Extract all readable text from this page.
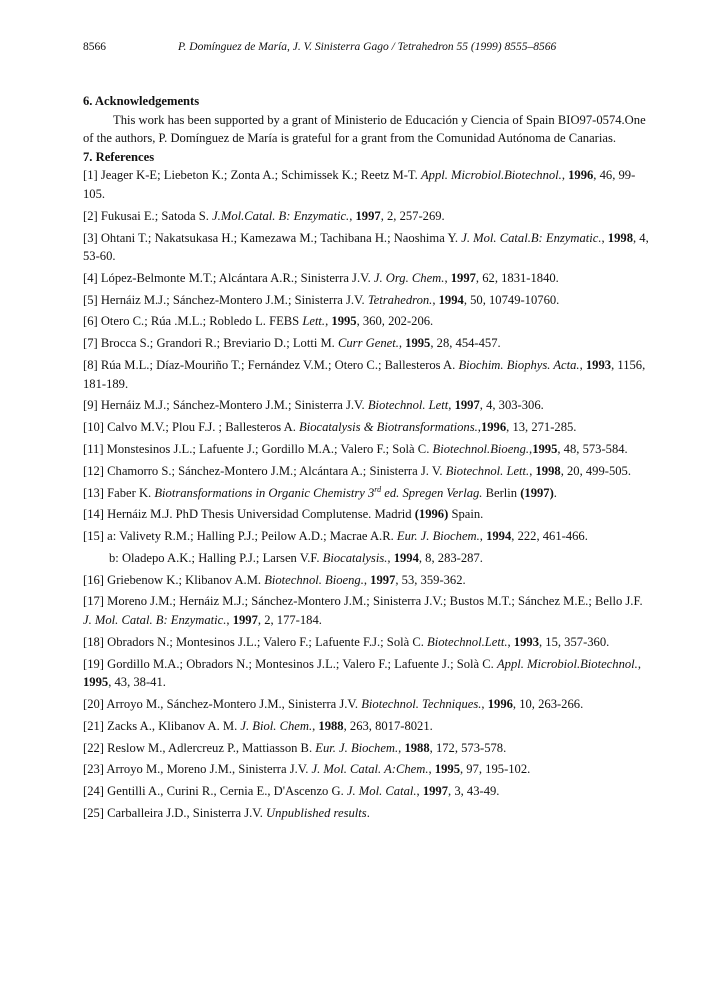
8566	P. Domínguez de María, J. V. Sinisterra Gago / Tetrahedron 55 (1999) 8555–8566
6. Acknowledgements
This work has been supported by a grant of Ministerio de Educación y Ciencia of Spain BIO97-0574.One
of the authors, P. Domínguez de María is grateful for a grant from the Comunidad Autónoma de Canarias.
7. References
[1] Jeager K-E; Liebeton K.; Zonta A.; Schimissek K.; Reetz M-T. Appl. Microbiol.Biotechnol., 1996, 46, 99-105.
[2] Fukusai E.; Satoda S. J.Mol.Catal. B: Enzymatic., 1997, 2, 257-269.
[3] Ohtani T.; Nakatsukasa H.; Kamezawa M.; Tachibana H.; Naoshima Y. J. Mol. Catal.B: Enzymatic., 1998, 4, 53-60.
[4] López-Belmonte M.T.; Alcántara A.R.; Sinisterra J.V. J. Org. Chem., 1997, 62, 1831-1840.
[5] Hernáiz M.J.; Sánchez-Montero J.M.; Sinisterra J.V. Tetrahedron., 1994, 50, 10749-10760.
[6] Otero C.; Rúa .M.L.; Robledo L. FEBS Lett., 1995, 360, 202-206.
[7] Brocca S.; Grandori R.; Breviario D.; Lotti M. Curr Genet., 1995, 28, 454-457.
[8] Rúa M.L.; Díaz-Mouriño T.; Fernández V.M.; Otero C.; Ballesteros A. Biochim. Biophys. Acta., 1993, 1156, 181-189.
[9] Hernáiz M.J.; Sánchez-Montero J.M.; Sinisterra J.V. Biotechnol. Lett, 1997, 4, 303-306.
[10] Calvo M.V.; Plou F.J. ; Ballesteros A. Biocatalysis & Biotransformations.,1996, 13, 271-285.
[11] Monstesinos J.L.; Lafuente J.; Gordillo M.A.; Valero F.; Solà C. Biotechnol.Bioeng.,1995, 48, 573-584.
[12] Chamorro S.; Sánchez-Montero J.M.; Alcántara A.; Sinisterra J. V. Biotechnol. Lett., 1998, 20, 499-505.
[13] Faber K. Biotransformations in Organic Chemistry 3rd ed. Spregen Verlag. Berlin (1997).
[14] Hernáiz M.J. PhD Thesis Universidad Complutense. Madrid (1996) Spain.
[15] a: Valivety R.M.; Halling P.J.; Peilow A.D.; Macrae A.R. Eur. J. Biochem., 1994, 222, 461-466.
b: Oladepo A.K.; Halling P.J.; Larsen V.F. Biocatalysis., 1994, 8, 283-287.
[16] Griebenow K.; Klibanov A.M. Biotechnol. Bioeng., 1997, 53, 359-362.
[17] Moreno J.M.; Hernáiz M.J.; Sánchez-Montero J.M.; Sinisterra J.V.; Bustos M.T.; Sánchez M.E.; Bello J.F. J. Mol. Catal. B: Enzymatic., 1997, 2, 177-184.
[18] Obradors N.; Montesinos J.L.; Valero F.; Lafuente F.J.; Solà C. Biotechnol.Lett., 1993, 15, 357-360.
[19] Gordillo M.A.; Obradors N.; Montesinos J.L.; Valero F.; Lafuente J.; Solà C. Appl. Microbiol.Biotechnol., 1995, 43, 38-41.
[20] Arroyo M., Sánchez-Montero J.M., Sinisterra J.V. Biotechnol. Techniques., 1996, 10, 263-266.
[21] Zacks A., Klibanov A. M. J. Biol. Chem., 1988, 263, 8017-8021.
[22] Reslow M., Adlercreuz P., Mattiasson B. Eur. J. Biochem., 1988, 172, 573-578.
[23] Arroyo M., Moreno J.M., Sinisterra J.V. J. Mol. Catal. A:Chem., 1995, 97, 195-102.
[24] Gentilli A., Curini R., Cernia E., D'Ascenzo G. J. Mol. Catal., 1997, 3, 43-49.
[25] Carballeira J.D., Sinisterra J.V. Unpublished results.
